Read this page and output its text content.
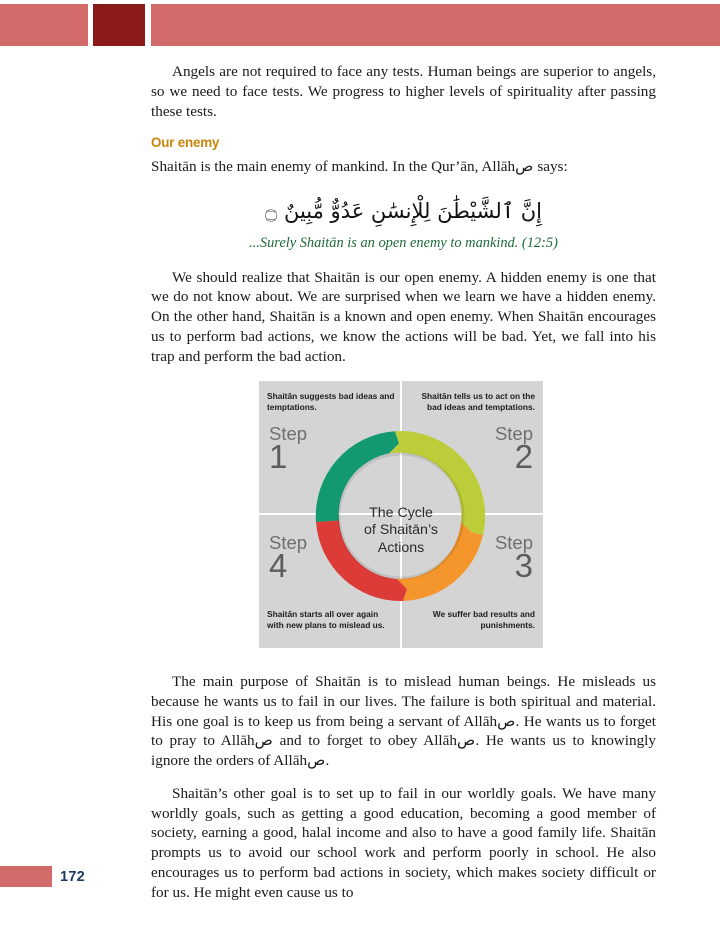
Angels are not required to face any tests. Human beings are superior to angels, so we need to face tests. We progress to higher levels of spirituality after passing these tests.

Our enemy

Shaitān is the main enemy of mankind. In the Qur’ān, Allāhص says:

إِنَّ ٱلشَّيْطَٰنَ لِلْإِنسَٰنِ عَدُوٌّ مُّبِينٌ ۝
...Surely Shaitān is an open enemy to mankind. (12:5)

We should realize that Shaitān is our open enemy. A hidden enemy is one that we do not know about. We are surprised when we learn we have a hidden enemy. On the other hand, Shaitān is a known and open enemy. When Shaitān encourages us to perform bad actions, we know the actions will be bad. Yet, we fall into his trap and perform the bad action.

Shaitān suggests bad ideas and temptations.
Shaitān tells us to act on the bad ideas and temptations.
We suffer bad results and punishments.
Shaitān starts all over again with new plans to mislead us.
Step
1
Step
2
Step
3
Step
4
The Cycle
of Shaitān’s
Actions

The main purpose of Shaitān is to mislead human beings. He misleads us because he wants us to fail in our lives. The failure is both spiritual and material. His one goal is to keep us from being a servant of Allāhص. He wants us to forget to pray to Allāhص and to forget to obey Allāhص. He wants us to knowingly ignore the orders of Allāhص.

Shaitān’s other goal is to set up to fail in our worldly goals. We have many worldly goals, such as getting a good education, becoming a good member of society, earning a good, halal income and also to have a good family life. Shaitān prompts us to avoid our school work and perform poorly in school. He also encourages us to perform bad actions in society, which makes society difficult or for us. He might even cause us to

172
